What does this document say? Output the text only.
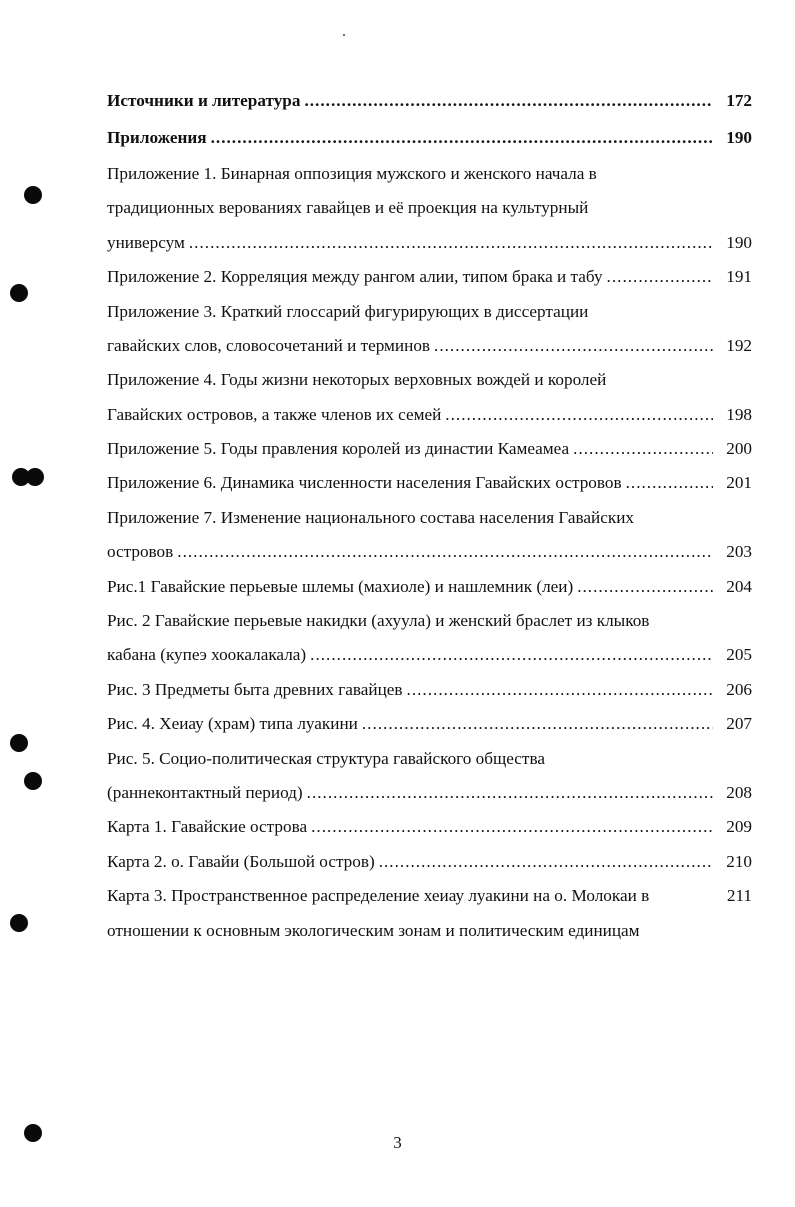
Источники и литература .....	172
Приложения .....	190
Приложение 1. Бинарная оппозиция мужского и женского начала в
традиционных верованиях гавайцев и её проекция на культурный
универсум .....	190
Приложение 2. Корреляция между рангом алии, типом брака и табу .....	191
Приложение 3. Краткий глоссарий фигурирующих в диссертации
гавайских слов, словосочетаний и терминов .....	192
Приложение 4. Годы жизни некоторых верховных вождей и королей
Гавайских островов, а также членов их семей .....	198
Приложение 5. Годы правления королей из династии Камеамеа .....	200
Приложение 6. Динамика численности населения Гавайских островов .....	201
Приложение 7. Изменение национального состава населения Гавайских
островов .....	203
Рис.1 Гавайские перьевые шлемы (махиоле) и нашлемник (леи) .....	204
Рис. 2 Гавайские перьевые накидки (ахуула) и женский браслет из клыков
кабана (купеэ хоокалакала) .....	205
Рис. 3 Предметы быта древних гавайцев .....	206
Рис. 4. Хеиау (храм) типа луакини .....	207
Рис. 5. Социо-политическая структура гавайского общества
(раннеконтактный период) .....	208
Карта 1. Гавайские острова .....	209
Карта 2. о. Гавайи (Большой остров) .....	210
Карта 3. Пространственное распределение хеиау луакини на о. Молокаи в	211
отношении к основным экологическим зонам и политическим единицам
3
